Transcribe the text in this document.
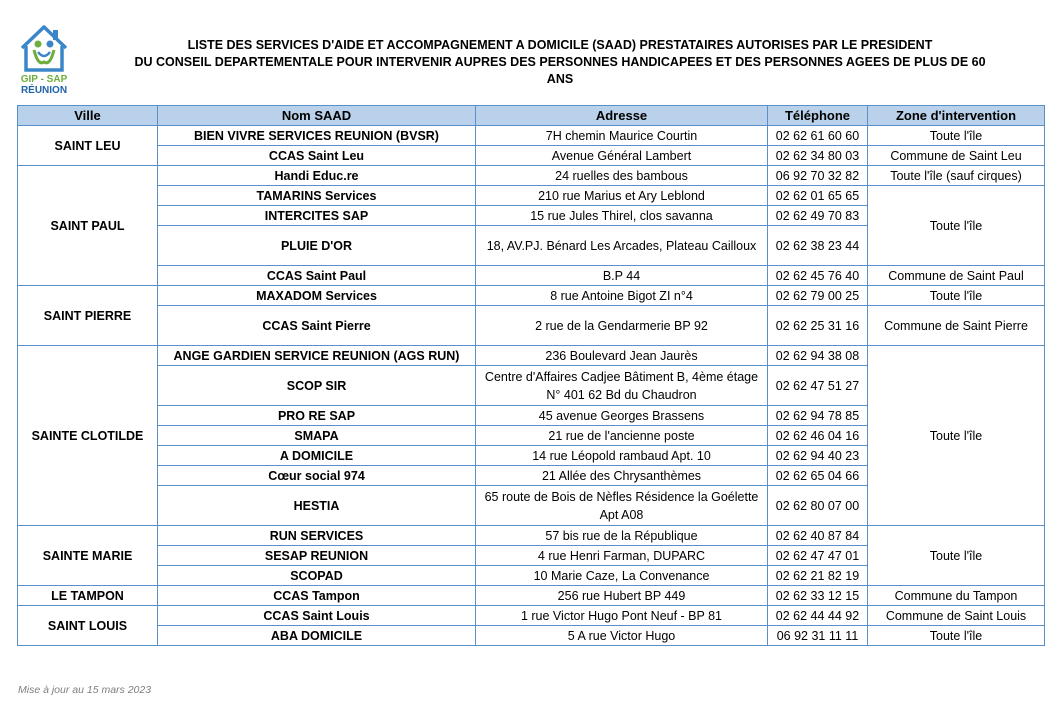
GIP - SAP
RÉUNION
LISTE DES SERVICES D'AIDE ET ACCOMPAGNEMENT A DOMICILE (SAAD) PRESTATAIRES AUTORISES PAR LE PRESIDENT
DU CONSEIL DEPARTEMENTALE POUR INTERVENIR AUPRES DES PERSONNES HANDICAPEES ET DES PERSONNES AGEES DE PLUS DE 60 ANS
Ville	Nom SAAD	Adresse	Téléphone	Zone d'intervention
SAINT LEU	BIEN VIVRE SERVICES REUNION (BVSR)	7H chemin Maurice Courtin	02 62 61 60 60	Toute l'île
	CCAS Saint Leu	Avenue Général Lambert	02 62 34 80 03	Commune de Saint Leu
SAINT PAUL	Handi Educ.re	24 ruelles des bambous	06 92 70 32 82	Toute l'île (sauf cirques)
	TAMARINS Services	210 rue Marius et Ary Leblond	02 62 01 65 65	Toute l'île
	INTERCITES SAP	15 rue Jules Thirel, clos savanna	02 62 49 70 83	
	PLUIE D'OR	18, AV.PJ. Bénard Les Arcades, Plateau Cailloux	02 62 38 23 44	
	CCAS Saint Paul	B.P 44	02 62 45 76 40	Commune de Saint Paul
SAINT PIERRE	MAXADOM Services	8 rue Antoine Bigot ZI n°4	02 62 79 00 25	Toute l'île
	CCAS Saint Pierre	2 rue de la Gendarmerie BP 92	02 62 25 31 16	Commune de Saint Pierre
SAINTE CLOTILDE	ANGE GARDIEN SERVICE REUNION (AGS RUN)	236 Boulevard Jean Jaurès	02 62 94 38 08	Toute l'île
	SCOP SIR	Centre d'Affaires Cadjee Bâtiment B, 4ème étage N° 401 62 Bd du Chaudron	02 62 47 51 27	
	PRO RE SAP	45 avenue Georges Brassens	02 62 94 78 85	
	SMAPA	21 rue de l'ancienne poste	02 62 46 04 16	
	A DOMICILE	14 rue Léopold rambaud Apt. 10	02 62 94 40 23	
	Cœur social 974	21 Allée des Chrysanthèmes	02 62 65 04 66	
	HESTIA	65 route de Bois de Nèfles Résidence la Goélette Apt A08	02 62 80 07 00	
SAINTE MARIE	RUN SERVICES	57 bis rue de la République	02 62 40 87 84	Toute l'île
	SESAP REUNION	4 rue Henri Farman, DUPARC	02 62 47 47 01	
	SCOPAD	10 Marie Caze, La Convenance	02 62 21 82 19	
LE TAMPON	CCAS Tampon	256 rue Hubert BP 449	02 62 33 12 15	Commune du Tampon
SAINT LOUIS	CCAS Saint Louis	1 rue Victor Hugo Pont Neuf - BP 81	02 62 44 44 92	Commune de Saint Louis
	ABA DOMICILE	5 A rue Victor Hugo	06 92 31 11 11	Toute l'île
Mise à jour au 15 mars 2023
